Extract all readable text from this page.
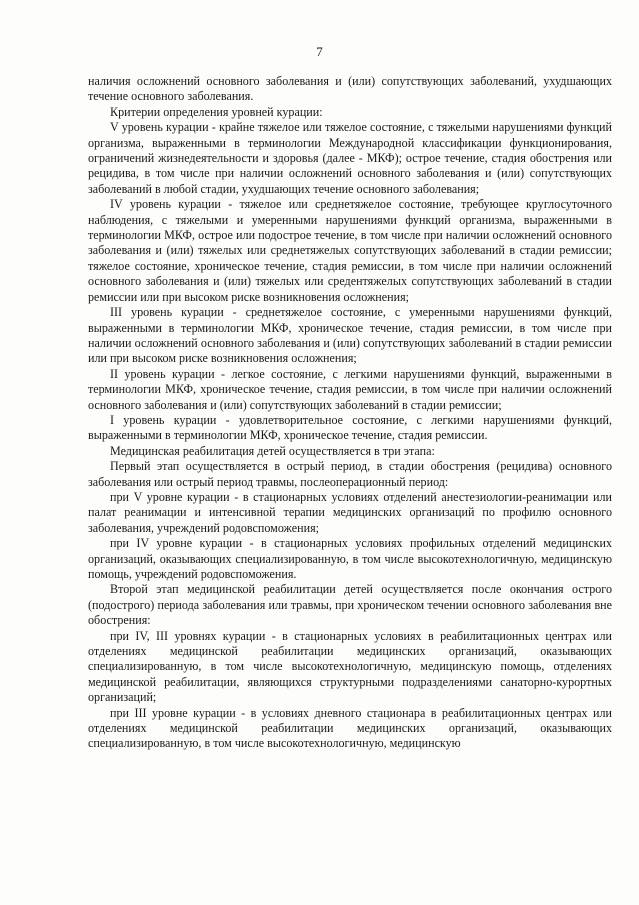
7

наличия осложнений основного заболевания и (или) сопутствующих заболеваний, ухудшающих течение основного заболевания.

Критерии определения уровней курации:

V уровень курации - крайне тяжелое или тяжелое состояние, с тяжелыми нарушениями функций организма, выраженными в терминологии Международной классификации функционирования, ограничений жизнедеятельности и здоровья (далее - МКФ); острое течение, стадия обострения или рецидива, в том числе при наличии осложнений основного заболевания и (или) сопутствующих заболеваний в любой стадии, ухудшающих течение основного заболевания;

IV уровень курации - тяжелое или среднетяжелое состояние, требующее круглосуточного наблюдения, с тяжелыми и умеренными нарушениями функций организма, выраженными в терминологии МКФ, острое или подострое течение, в том числе при наличии осложнений основного заболевания и (или) тяжелых или среднетяжелых сопутствующих заболеваний в стадии ремиссии; тяжелое состояние, хроническое течение, стадия ремиссии, в том числе при наличии осложнений основного заболевания и (или) тяжелых или средентяжелых сопутствующих заболеваний в стадии ремиссии или при высоком риске возникновения осложнения;

III уровень курации - среднетяжелое состояние, с умеренными нарушениями функций, выраженными в терминологии МКФ, хроническое течение, стадия ремиссии, в том числе при наличии осложнений основного заболевания и (или) сопутствующих заболеваний в стадии ремиссии или при высоком риске возникновения осложнения;

II уровень курации - легкое состояние, с легкими нарушениями функций, выраженными в терминологии МКФ, хроническое течение, стадия ремиссии, в том числе при наличии осложнений основного заболевания и (или) сопутствующих заболеваний в стадии ремиссии;

I уровень курации - удовлетворительное состояние, с легкими нарушениями функций, выраженными в терминологии МКФ, хроническое течение, стадия ремиссии.

Медицинская реабилитация детей осуществляется в три этапа:

Первый этап осуществляется в острый период, в стадии обострения (рецидива) основного заболевания или острый период травмы, послеоперационный период:

при V уровне курации - в стационарных условиях отделений анестезиологии-реанимации или палат реанимации и интенсивной терапии медицинских организаций по профилю основного заболевания, учреждений родовспоможения;

при IV уровне курации - в стационарных условиях профильных отделений медицинских организаций, оказывающих специализированную, в том числе высокотехнологичную, медицинскую помощь, учреждений родовспоможения.

Второй этап медицинской реабилитации детей осуществляется после окончания острого (подострого) периода заболевания или травмы, при хроническом течении основного заболевания вне обострения:

при IV, III уровнях курации - в стационарных условиях в реабилитационных центрах или отделениях медицинской реабилитации медицинских организаций, оказывающих специализированную, в том числе высокотехнологичную, медицинскую помощь, отделениях медицинской реабилитации, являющихся структурными подразделениями санаторно-курортных организаций;

при III уровне курации - в условиях дневного стационара в реабилитационных центрах или отделениях медицинской реабилитации медицинских организаций, оказывающих специализированную, в том числе высокотехнологичную, медицинскую
